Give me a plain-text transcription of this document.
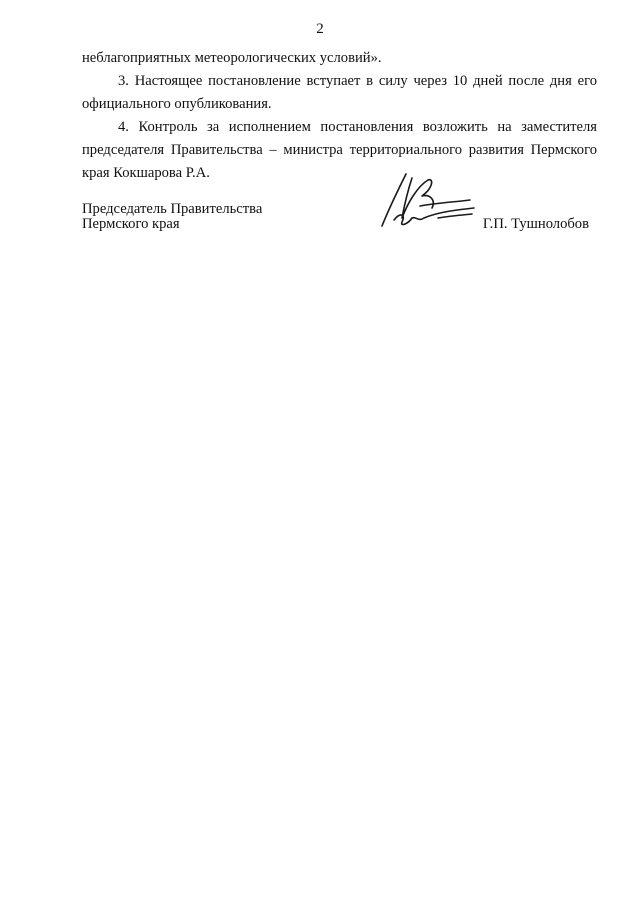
2

неблагоприятных метеорологических условий».

3. Настоящее постановление вступает в силу через 10 дней после дня его официального опубликования.

4. Контроль за исполнением постановления возложить на заместителя председателя Правительства – министра территориального развития Пермского края Кокшарова Р.А.

Председатель Правительства
Пермского края	Г.П. Тушнолобов
